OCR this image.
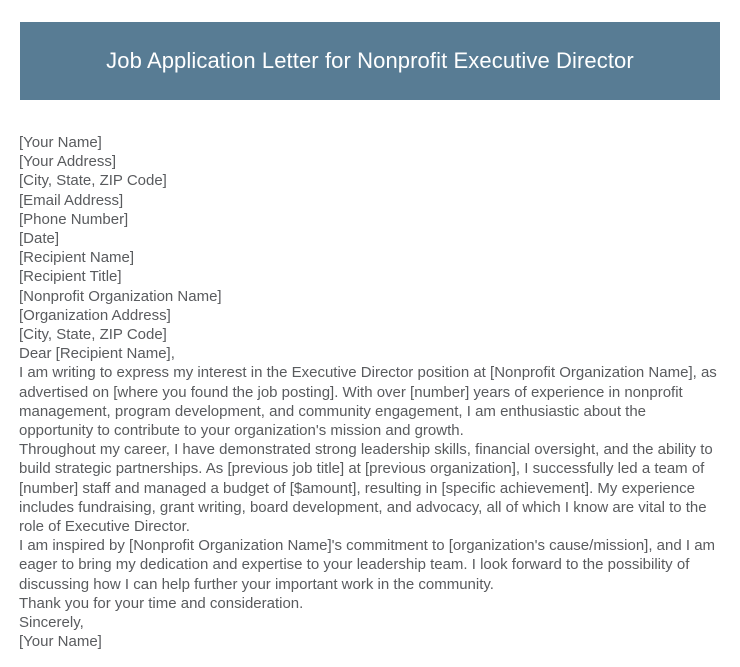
Job Application Letter for Nonprofit Executive Director
[Your Name]
[Your Address]
[City, State, ZIP Code]
[Email Address]
[Phone Number]
[Date]
[Recipient Name]
[Recipient Title]
[Nonprofit Organization Name]
[Organization Address]
[City, State, ZIP Code]
Dear [Recipient Name],

I am writing to express my interest in the Executive Director position at [Nonprofit Organization Name], as advertised on [where you found the job posting]. With over [number] years of experience in nonprofit management, program development, and community engagement, I am enthusiastic about the opportunity to contribute to your organization's mission and growth.

Throughout my career, I have demonstrated strong leadership skills, financial oversight, and the ability to build strategic partnerships. As [previous job title] at [previous organization], I successfully led a team of [number] staff and managed a budget of [$amount], resulting in [specific achievement]. My experience includes fundraising, grant writing, board development, and advocacy, all of which I know are vital to the role of Executive Director.

I am inspired by [Nonprofit Organization Name]'s commitment to [organization's cause/mission], and I am eager to bring my dedication and expertise to your leadership team. I look forward to the possibility of discussing how I can help further your important work in the community.

Thank you for your time and consideration.
Sincerely,
[Your Name]
